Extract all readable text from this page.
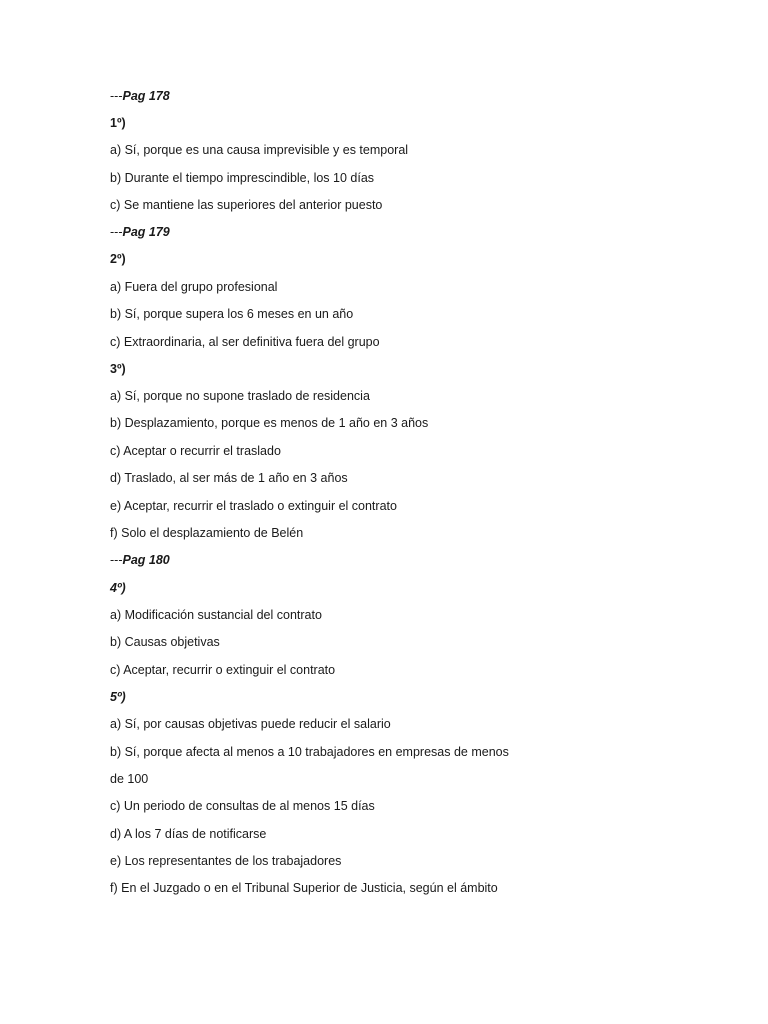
---Pag 178
1º)
a) Sí, porque es una causa imprevisible y es temporal
b) Durante el tiempo imprescindible, los 10 días
c) Se mantiene las superiores del anterior puesto
---Pag 179
2º)
a) Fuera del grupo profesional
b) Sí, porque supera los 6 meses en un año
c) Extraordinaria, al ser definitiva fuera del grupo
3º)
a) Sí, porque no supone traslado de residencia
b) Desplazamiento, porque es menos de 1 año en 3 años
c) Aceptar o recurrir el traslado
d) Traslado, al ser más de 1 año en 3 años
e) Aceptar, recurrir el traslado o extinguir el contrato
f) Solo el desplazamiento de Belén
---Pag 180
4º)
a) Modificación sustancial del contrato
b) Causas objetivas
c) Aceptar, recurrir o extinguir el contrato
5º)
a) Sí, por causas objetivas puede reducir el salario
b) Sí, porque afecta al menos a 10 trabajadores en empresas de menos
de 100
c) Un periodo de consultas de al menos 15 días
d) A los 7 días de notificarse
e) Los representantes de los trabajadores
f) En el Juzgado o en el Tribunal Superior de Justicia, según el ámbito
